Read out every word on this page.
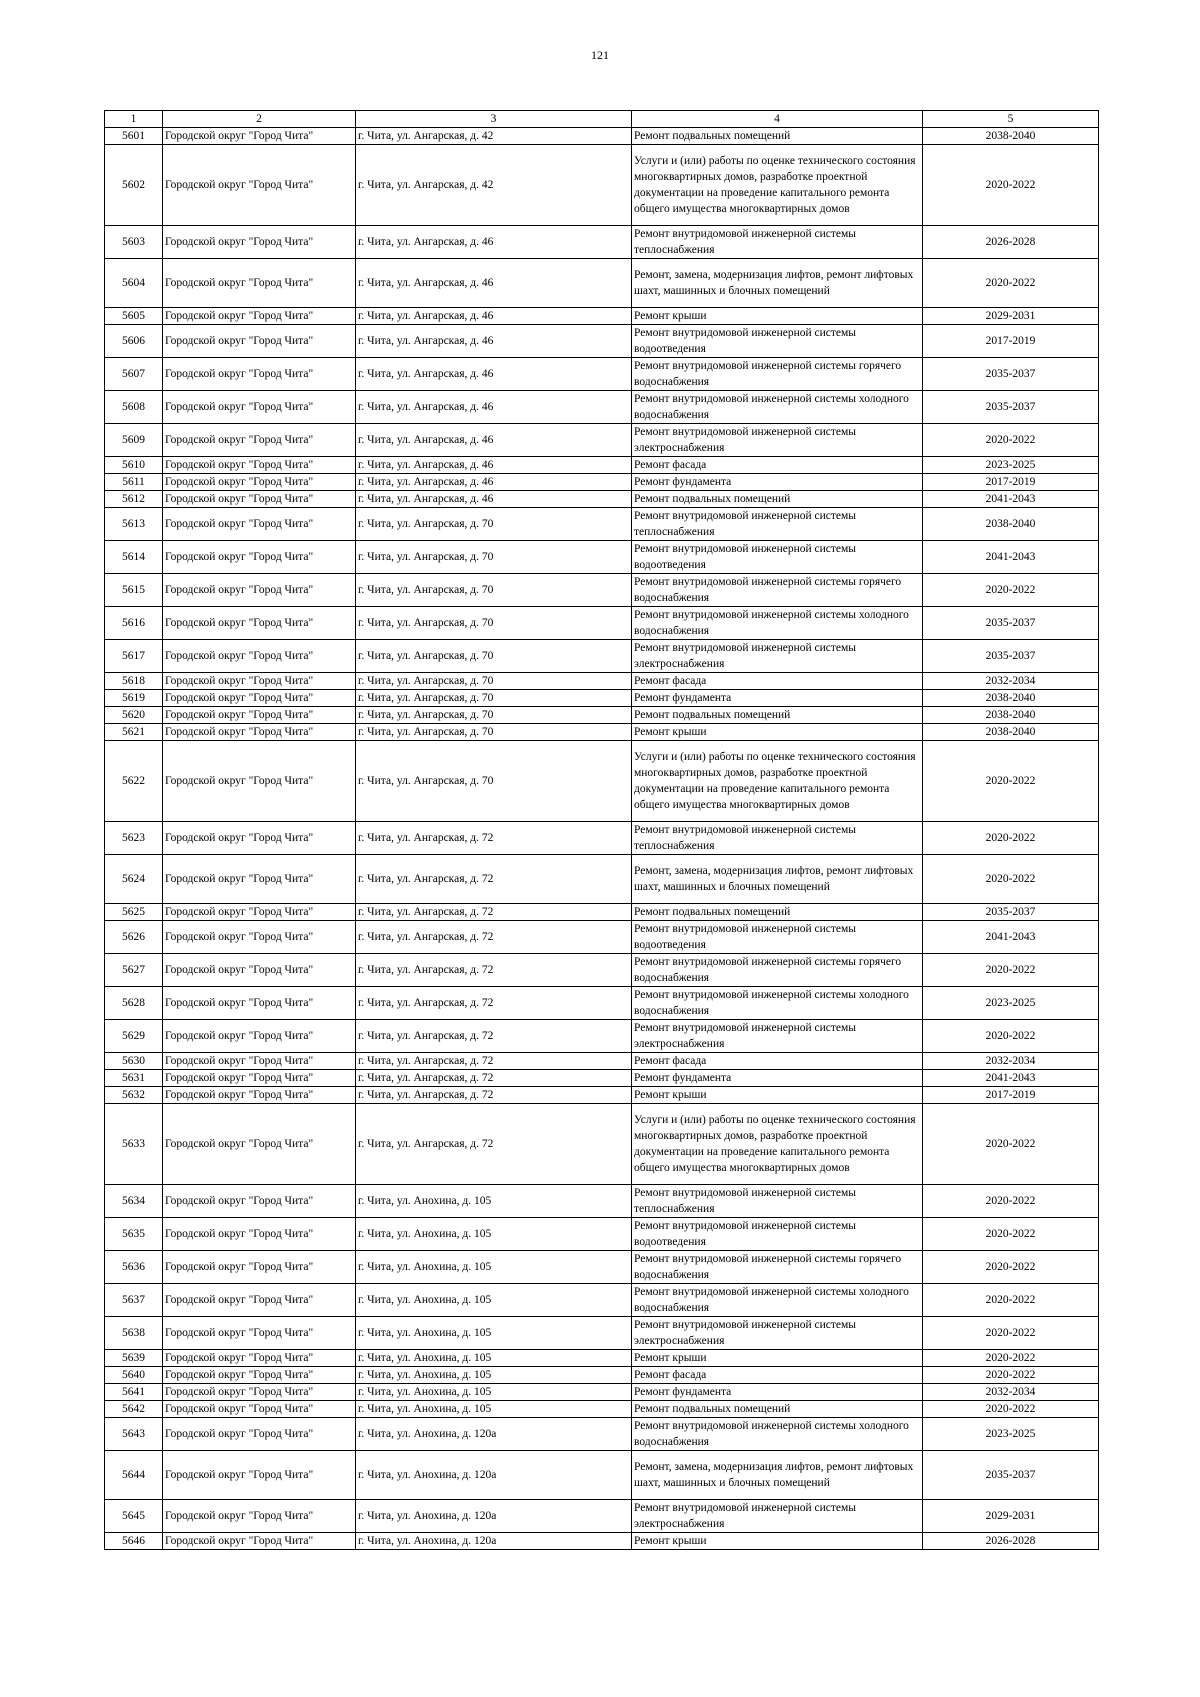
121
1	2	3	4	5
5601	Городской округ "Город Чита"	г. Чита, ул. Ангарская, д. 42	Ремонт подвальных помещений	2038-2040
5602	Городской округ "Город Чита"	г. Чита, ул. Ангарская, д. 42	Услуги и (или) работы по оценке технического состояния многоквартирных домов, разработке проектной документации на проведение капитального ремонта общего имущества многоквартирных домов	2020-2022
5603	Городской округ "Город Чита"	г. Чита, ул. Ангарская, д. 46	Ремонт внутридомовой инженерной системы теплоснабжения	2026-2028
5604	Городской округ "Город Чита"	г. Чита, ул. Ангарская, д. 46	Ремонт, замена, модернизация лифтов, ремонт лифтовых шахт, машинных и блочных помещений	2020-2022
5605	Городской округ "Город Чита"	г. Чита, ул. Ангарская, д. 46	Ремонт крыши	2029-2031
5606	Городской округ "Город Чита"	г. Чита, ул. Ангарская, д. 46	Ремонт внутридомовой инженерной системы водоотведения	2017-2019
5607	Городской округ "Город Чита"	г. Чита, ул. Ангарская, д. 46	Ремонт внутридомовой инженерной системы горячего водоснабжения	2035-2037
5608	Городской округ "Город Чита"	г. Чита, ул. Ангарская, д. 46	Ремонт внутридомовой инженерной системы холодного водоснабжения	2035-2037
5609	Городской округ "Город Чита"	г. Чита, ул. Ангарская, д. 46	Ремонт внутридомовой инженерной системы электроснабжения	2020-2022
5610	Городской округ "Город Чита"	г. Чита, ул. Ангарская, д. 46	Ремонт фасада	2023-2025
5611	Городской округ "Город Чита"	г. Чита, ул. Ангарская, д. 46	Ремонт фундамента	2017-2019
5612	Городской округ "Город Чита"	г. Чита, ул. Ангарская, д. 46	Ремонт подвальных помещений	2041-2043
5613	Городской округ "Город Чита"	г. Чита, ул. Ангарская, д. 70	Ремонт внутридомовой инженерной системы теплоснабжения	2038-2040
5614	Городской округ "Город Чита"	г. Чита, ул. Ангарская, д. 70	Ремонт внутридомовой инженерной системы водоотведения	2041-2043
5615	Городской округ "Город Чита"	г. Чита, ул. Ангарская, д. 70	Ремонт внутридомовой инженерной системы горячего водоснабжения	2020-2022
5616	Городской округ "Город Чита"	г. Чита, ул. Ангарская, д. 70	Ремонт внутридомовой инженерной системы холодного водоснабжения	2035-2037
5617	Городской округ "Город Чита"	г. Чита, ул. Ангарская, д. 70	Ремонт внутридомовой инженерной системы электроснабжения	2035-2037
5618	Городской округ "Город Чита"	г. Чита, ул. Ангарская, д. 70	Ремонт фасада	2032-2034
5619	Городской округ "Город Чита"	г. Чита, ул. Ангарская, д. 70	Ремонт фундамента	2038-2040
5620	Городской округ "Город Чита"	г. Чита, ул. Ангарская, д. 70	Ремонт подвальных помещений	2038-2040
5621	Городской округ "Город Чита"	г. Чита, ул. Ангарская, д. 70	Ремонт крыши	2038-2040
5622	Городской округ "Город Чита"	г. Чита, ул. Ангарская, д. 70	Услуги и (или) работы по оценке технического состояния многоквартирных домов, разработке проектной документации на проведение капитального ремонта общего имущества многоквартирных домов	2020-2022
5623	Городской округ "Город Чита"	г. Чита, ул. Ангарская, д. 72	Ремонт внутридомовой инженерной системы теплоснабжения	2020-2022
5624	Городской округ "Город Чита"	г. Чита, ул. Ангарская, д. 72	Ремонт, замена, модернизация лифтов, ремонт лифтовых шахт, машинных и блочных помещений	2020-2022
5625	Городской округ "Город Чита"	г. Чита, ул. Ангарская, д. 72	Ремонт подвальных помещений	2035-2037
5626	Городской округ "Город Чита"	г. Чита, ул. Ангарская, д. 72	Ремонт внутридомовой инженерной системы водоотведения	2041-2043
5627	Городской округ "Город Чита"	г. Чита, ул. Ангарская, д. 72	Ремонт внутридомовой инженерной системы горячего водоснабжения	2020-2022
5628	Городской округ "Город Чита"	г. Чита, ул. Ангарская, д. 72	Ремонт внутридомовой инженерной системы холодного водоснабжения	2023-2025
5629	Городской округ "Город Чита"	г. Чита, ул. Ангарская, д. 72	Ремонт внутридомовой инженерной системы электроснабжения	2020-2022
5630	Городской округ "Город Чита"	г. Чита, ул. Ангарская, д. 72	Ремонт фасада	2032-2034
5631	Городской округ "Город Чита"	г. Чита, ул. Ангарская, д. 72	Ремонт фундамента	2041-2043
5632	Городской округ "Город Чита"	г. Чита, ул. Ангарская, д. 72	Ремонт крыши	2017-2019
5633	Городской округ "Город Чита"	г. Чита, ул. Ангарская, д. 72	Услуги и (или) работы по оценке технического состояния многоквартирных домов, разработке проектной документации на проведение капитального ремонта общего имущества многоквартирных домов	2020-2022
5634	Городской округ "Город Чита"	г. Чита, ул. Анохина, д. 105	Ремонт внутридомовой инженерной системы теплоснабжения	2020-2022
5635	Городской округ "Город Чита"	г. Чита, ул. Анохина, д. 105	Ремонт внутридомовой инженерной системы водоотведения	2020-2022
5636	Городской округ "Город Чита"	г. Чита, ул. Анохина, д. 105	Ремонт внутридомовой инженерной системы горячего водоснабжения	2020-2022
5637	Городской округ "Город Чита"	г. Чита, ул. Анохина, д. 105	Ремонт внутридомовой инженерной системы холодного водоснабжения	2020-2022
5638	Городской округ "Город Чита"	г. Чита, ул. Анохина, д. 105	Ремонт внутридомовой инженерной системы электроснабжения	2020-2022
5639	Городской округ "Город Чита"	г. Чита, ул. Анохина, д. 105	Ремонт крыши	2020-2022
5640	Городской округ "Город Чита"	г. Чита, ул. Анохина, д. 105	Ремонт фасада	2020-2022
5641	Городской округ "Город Чита"	г. Чита, ул. Анохина, д. 105	Ремонт фундамента	2032-2034
5642	Городской округ "Город Чита"	г. Чита, ул. Анохина, д. 105	Ремонт подвальных помещений	2020-2022
5643	Городской округ "Город Чита"	г. Чита, ул. Анохина, д. 120а	Ремонт внутридомовой инженерной системы холодного водоснабжения	2023-2025
5644	Городской округ "Город Чита"	г. Чита, ул. Анохина, д. 120а	Ремонт, замена, модернизация лифтов, ремонт лифтовых шахт, машинных и блочных помещений	2035-2037
5645	Городской округ "Город Чита"	г. Чита, ул. Анохина, д. 120а	Ремонт внутридомовой инженерной системы электроснабжения	2029-2031
5646	Городской округ "Город Чита"	г. Чита, ул. Анохина, д. 120а	Ремонт крыши	2026-2028
